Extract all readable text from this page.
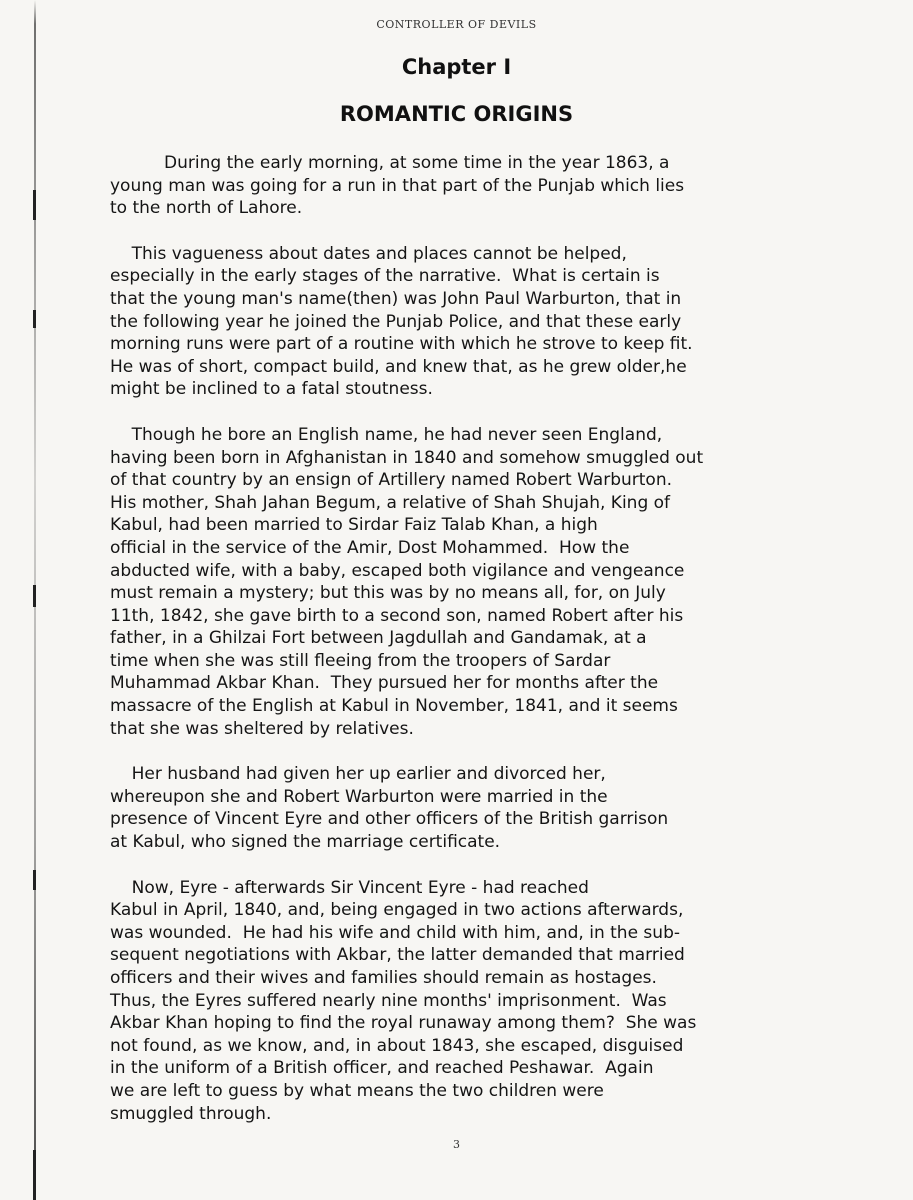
CONTROLLER OF DEVILS
Chapter I
ROMANTIC ORIGINS
During the early morning, at some time in the year 1863, a
young man was going for a run in that part of the Punjab which lies
to the north of Lahore.
This vagueness about dates and places cannot be helped,
especially in the early stages of the narrative.  What is certain is
that the young man's name(then) was John Paul Warburton, that in
the following year he joined the Punjab Police, and that these early
morning runs were part of a routine with which he strove to keep fit.
He was of short, compact build, and knew that, as he grew older,he
might be inclined to a fatal stoutness.
Though he bore an English name, he had never seen England,
having been born in Afghanistan in 1840 and somehow smuggled out
of that country by an ensign of Artillery named Robert Warburton.
His mother, Shah Jahan Begum, a relative of Shah Shujah, King of
Kabul, had been married to Sirdar Faiz Talab Khan, a high
official in the service of the Amir, Dost Mohammed.  How the
abducted wife, with a baby, escaped both vigilance and vengeance
must remain a mystery; but this was by no means all, for, on July
11th, 1842, she gave birth to a second son, named Robert after his
father, in a Ghilzai Fort between Jagdullah and Gandamak, at a
time when she was still fleeing from the troopers of Sardar
Muhammad Akbar Khan.  They pursued her for months after the
massacre of the English at Kabul in November, 1841, and it seems
that she was sheltered by relatives.
Her husband had given her up earlier and divorced her,
whereupon she and Robert Warburton were married in the
presence of Vincent Eyre and other officers of the British garrison
at Kabul, who signed the marriage certificate.
Now, Eyre - afterwards Sir Vincent Eyre - had reached
Kabul in April, 1840, and, being engaged in two actions afterwards,
was wounded.  He had his wife and child with him, and, in the sub-
sequent negotiations with Akbar, the latter demanded that married
officers and their wives and families should remain as hostages.
Thus, the Eyres suffered nearly nine months' imprisonment.  Was
Akbar Khan hoping to find the royal runaway among them?  She was
not found, as we know, and, in about 1843, she escaped, disguised
in the uniform of a British officer, and reached Peshawar.  Again
we are left to guess by what means the two children were
smuggled through.
3
